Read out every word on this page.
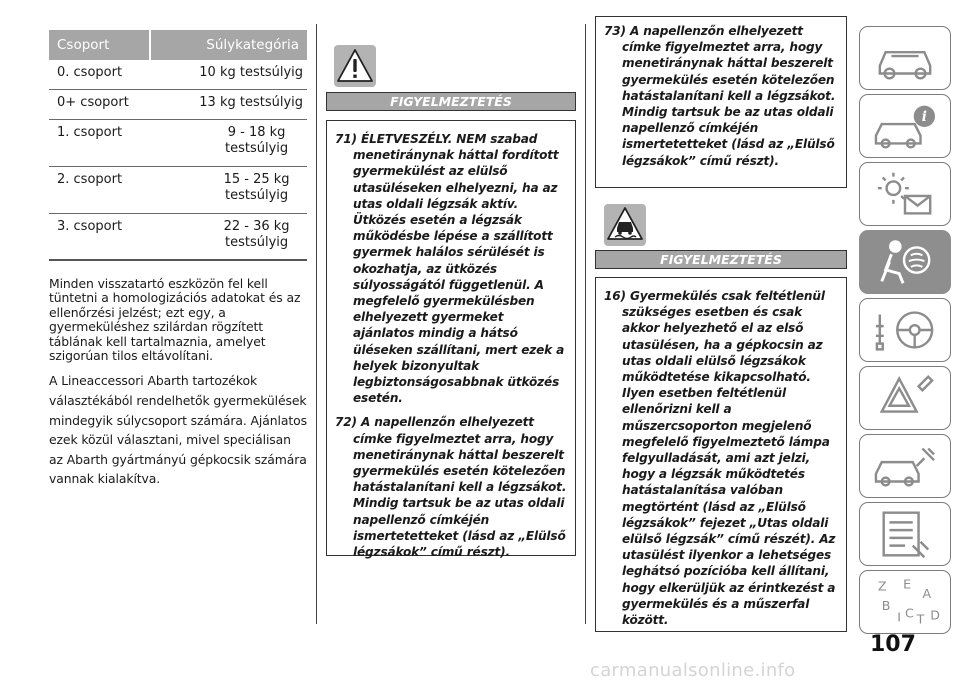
Csoport	Súlykategória
0. csoport	10 kg testsúlyig
0+ csoport	13 kg testsúlyig
1. csoport	9 - 18 kg
testsúlyig
2. csoport	15 - 25 kg
testsúlyig
3. csoport	22 - 36 kg
testsúlyig

Minden visszatartó eszközön fel kell tüntetni a homologizációs adatokat és az ellenőrzési jelzést; ezt egy, a gyermeküléshez szilárdan rögzített táblának kell tartalmaznia, amelyet szigorúan tilos eltávolítani.

A Lineaccessori Abarth tartozékok választékából rendelhetők gyermekülések mindegyik súlycsoport számára. Ajánlatos ezek közül választani, mivel speciálisan az Abarth gyártmányú gépkocsik számára vannak kialakítva.

FIGYELMEZTETÉS

71) ÉLETVESZÉLY. NEM szabad menetiránynak háttal fordított gyermekülést az elülső utasüléseken elhelyezni, ha az utas oldali légzsák aktív. Ütközés esetén a légzsák működésbe lépése a szállított gyermek halálos sérülését is okozhatja, az ütközés súlyosságától függetlenül. A megfelelő gyermekülésben elhelyezett gyermeket ajánlatos mindig a hátsó üléseken szállítani, mert ezek a helyek bizonyultak legbiztonságosabbnak ütközés esetén.

72) A napellenzőn elhelyezett címke figyelmeztet arra, hogy menetiránynak háttal beszerelt gyermekülés esetén kötelezően hatástalanítani kell a légzsákot. Mindig tartsuk be az utas oldali napellenző címkéjén ismertetetteket (lásd az „Elülső légzsákok” című részt).

73) A napellenzőn elhelyezett címke figyelmeztet arra, hogy menetiránynak háttal beszerelt gyermekülés esetén kötelezően hatástalanítani kell a légzsákot. Mindig tartsuk be az utas oldali napellenző címkéjén ismertetetteket (lásd az „Elülső légzsákok” című részt).

FIGYELMEZTETÉS

16) Gyermekülés csak feltétlenül szükséges esetben és csak akkor helyezhető el az első utasülésen, ha a gépkocsin az utas oldali elülső légzsákok működtetése kikapcsolható. Ilyen esetben feltétlenül ellenőrizni kell a műszercsoporton megjelenő megfelelő figyelmeztető lámpa felgyulladását, ami azt jelzi, hogy a légzsák működtetés hatástalanítása valóban megtörtént (lásd az „Elülső légzsákok” fejezet „Utas oldali elülső légzsák” című részét). Az utasülést ilyenkor a lehetséges leghátsó pozícióba kell állítani, hogy elkerüljük az érintkezést a gyermekülés és a műszerfal között.

i
Z E
A
B
I C T D
107
carmanualsonline.info
